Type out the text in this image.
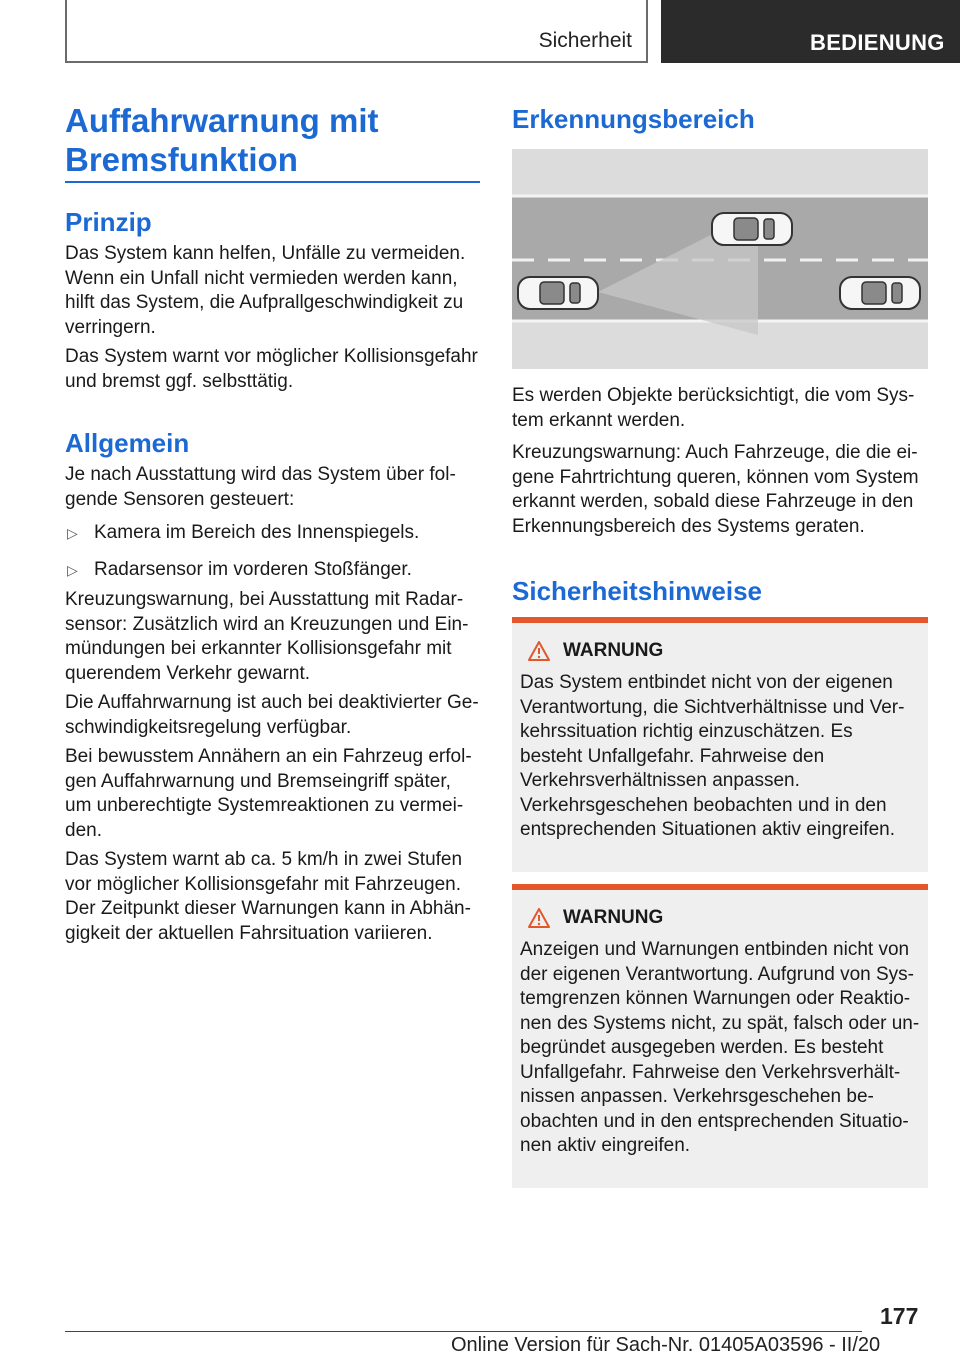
Sicherheit	BEDIENUNG
Auffahrwarnung mit Bremsfunktion
Prinzip

Das System kann helfen, Unfälle zu vermeiden. Wenn ein Unfall nicht vermieden werden kann, hilft das System, die Aufprallgeschwindigkeit zu verringern.

Das System warnt vor möglicher Kollisionsgefahr und bremst ggf. selbsttätig.

Allgemein

Je nach Ausstattung wird das System über folgende Sensoren gesteuert:

▷ Kamera im Bereich des Innenspiegels.
▷ Radarsensor im vorderen Stoßfänger.

Kreuzungswarnung, bei Ausstattung mit Radarsensor: Zusätzlich wird an Kreuzungen und Einmündungen bei erkannter Kollisionsgefahr mit querendem Verkehr gewarnt.

Die Auffahrwarnung ist auch bei deaktivierter Geschwindigkeitsregelung verfügbar.

Bei bewusstem Annähern an ein Fahrzeug erfolgen Auffahrwarnung und Bremseingriff später, um unberechtigte Systemreaktionen zu vermeiden.

Das System warnt ab ca. 5 km/h in zwei Stufen vor möglicher Kollisionsgefahr mit Fahrzeugen. Der Zeitpunkt dieser Warnungen kann in Abhängigkeit der aktuellen Fahrsituation variieren.

Erkennungsbereich

Es werden Objekte berücksichtigt, die vom System erkannt werden.

Kreuzungswarnung: Auch Fahrzeuge, die die eigene Fahrtrichtung queren, können vom System erkannt werden, sobald diese Fahrzeuge in den Erkennungsbereich des Systems geraten.

Sicherheitshinweise
WARNUNG

Das System entbindet nicht von der eigenen Verantwortung, die Sichtverhältnisse und Verkehrssituation richtig einzuschätzen. Es besteht Unfallgefahr. Fahrweise den Verkehrsverhältnissen anpassen. Verkehrsgeschehen beobachten und in den entsprechenden Situationen aktiv eingreifen.

WARNUNG

Anzeigen und Warnungen entbinden nicht von der eigenen Verantwortung. Aufgrund von Systemgrenzen können Warnungen oder Reaktionen des Systems nicht, zu spät, falsch oder unbegründet ausgegeben werden. Es besteht Unfallgefahr. Fahrweise den Verkehrsverhältnissen anpassen. Verkehrsgeschehen beobachten und in den entsprechenden Situationen aktiv eingreifen.

177
Online Version für Sach-Nr. 01405A03596 - II/20
